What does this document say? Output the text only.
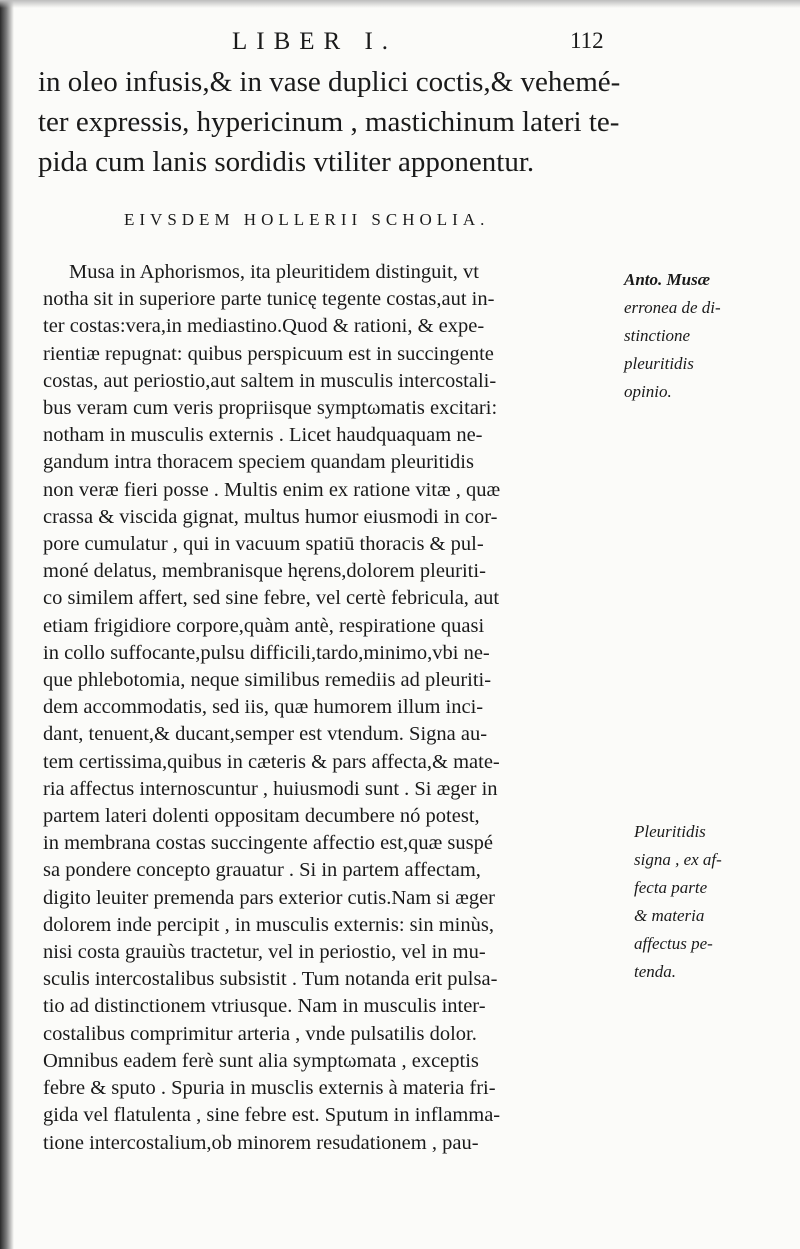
LIBER I.	112
in oleo infusis,& in vase duplici coctis,& vehemé-
ter expressis, hypericinum , mastichinum lateri te-
pida cum lanis sordidis vtiliter apponentur.
EIVSDEM HOLLERII SCHOLIA.
Musa in Aphorismos, ita pleuritidem distinguit, vt
notha sit in superiore parte tunicę tegente costas,aut in-
ter costas:vera,in mediastino.Quod & rationi, & expe-
rientiæ repugnat: quibus perspicuum est in succingente
costas, aut periostio,aut saltem in musculis intercostali-
bus veram cum veris propriisque symptωmatis excitari:
notham in musculis externis . Licet haudquaquam ne-
gandum intra thoracem speciem quandam pleuritidis
non veræ fieri posse . Multis enim ex ratione vitæ , quæ
crassa & viscida gignat, multus humor eiusmodi in cor-
pore cumulatur , qui in vacuum spatiū thoracis & pul-
moné delatus, membranisque hęrens,dolorem pleuriti-
co similem affert, sed sine febre, vel certè febricula, aut
etiam frigidiore corpore,quàm antè, respiratione quasi
in collo suffocante,pulsu difficili,tardo,minimo,vbi ne-
que phlebotomia, neque similibus remediis ad pleuriti-
dem accommodatis, sed iis, quæ humorem illum inci-
dant, tenuent,& ducant,semper est vtendum. Signa au-
tem certissima,quibus in cæteris & pars affecta,& mate-
ria affectus internoscuntur , huiusmodi sunt . Si æger in
partem lateri dolenti oppositam decumbere nó potest,
in membrana costas succingente affectio est,quæ suspé
sa pondere concepto grauatur . Si in partem affectam,
digito leuiter premenda pars exterior cutis.Nam si æger
dolorem inde percipit , in musculis externis: sin minùs,
nisi costa grauiùs tractetur, vel in periostio, vel in mu-
sculis intercostalibus subsistit . Tum notanda erit pulsa-
tio ad distinctionem vtriusque. Nam in musculis inter-
costalibus comprimitur arteria , vnde pulsatilis dolor.
Omnibus eadem ferè sunt alia symptωmata , exceptis
febre & sputo . Spuria in musclis externis à materia fri-
gida vel flatulenta , sine febre est. Sputum in inflamma-
tione intercostalium,ob minorem resudationem , pau-
Anto. Musæ
erronea de di-
stinctione
pleuritidis
opinio.
Pleuritidis
signa , ex af-
fecta parte
& materia
affectus pe-
tenda.
